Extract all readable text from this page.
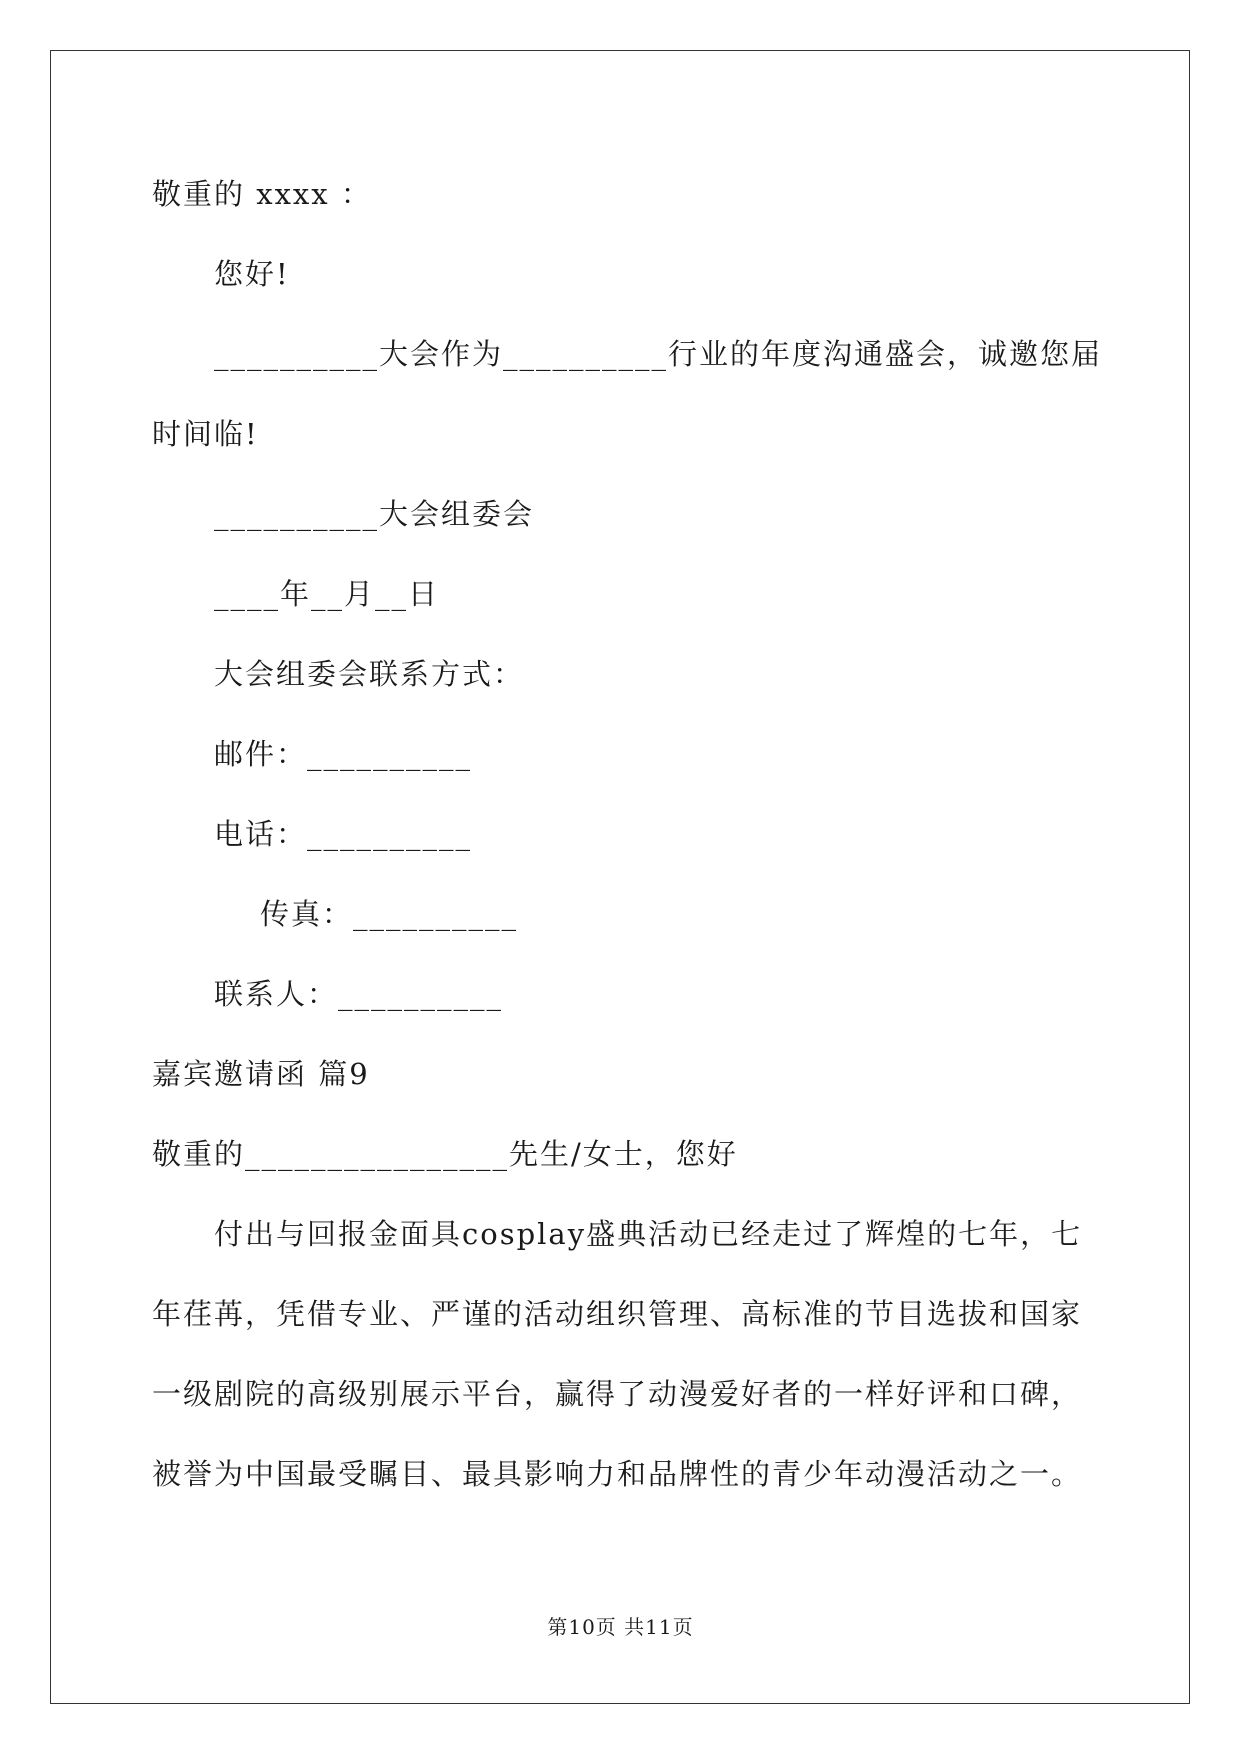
敬重的 xxxx ：
您好!
__________大会作为__________行业的年度沟通盛会，诚邀您届
时间临!
__________大会组委会
____年__月__日
大会组委会联系方式：
邮件：__________
电话：__________
传真：__________
联系人：__________
嘉宾邀请函 篇9
敬重的________________先生/女士，您好
付出与回报金面具cosplay盛典活动已经走过了辉煌的七年，七
年荏苒，凭借专业、严谨的活动组织管理、高标准的节目选拔和国家
一级剧院的高级别展示平台，赢得了动漫爱好者的一样好评和口碑，
被誉为中国最受瞩目、最具影响力和品牌性的青少年动漫活动之一。
第10页 共11页
